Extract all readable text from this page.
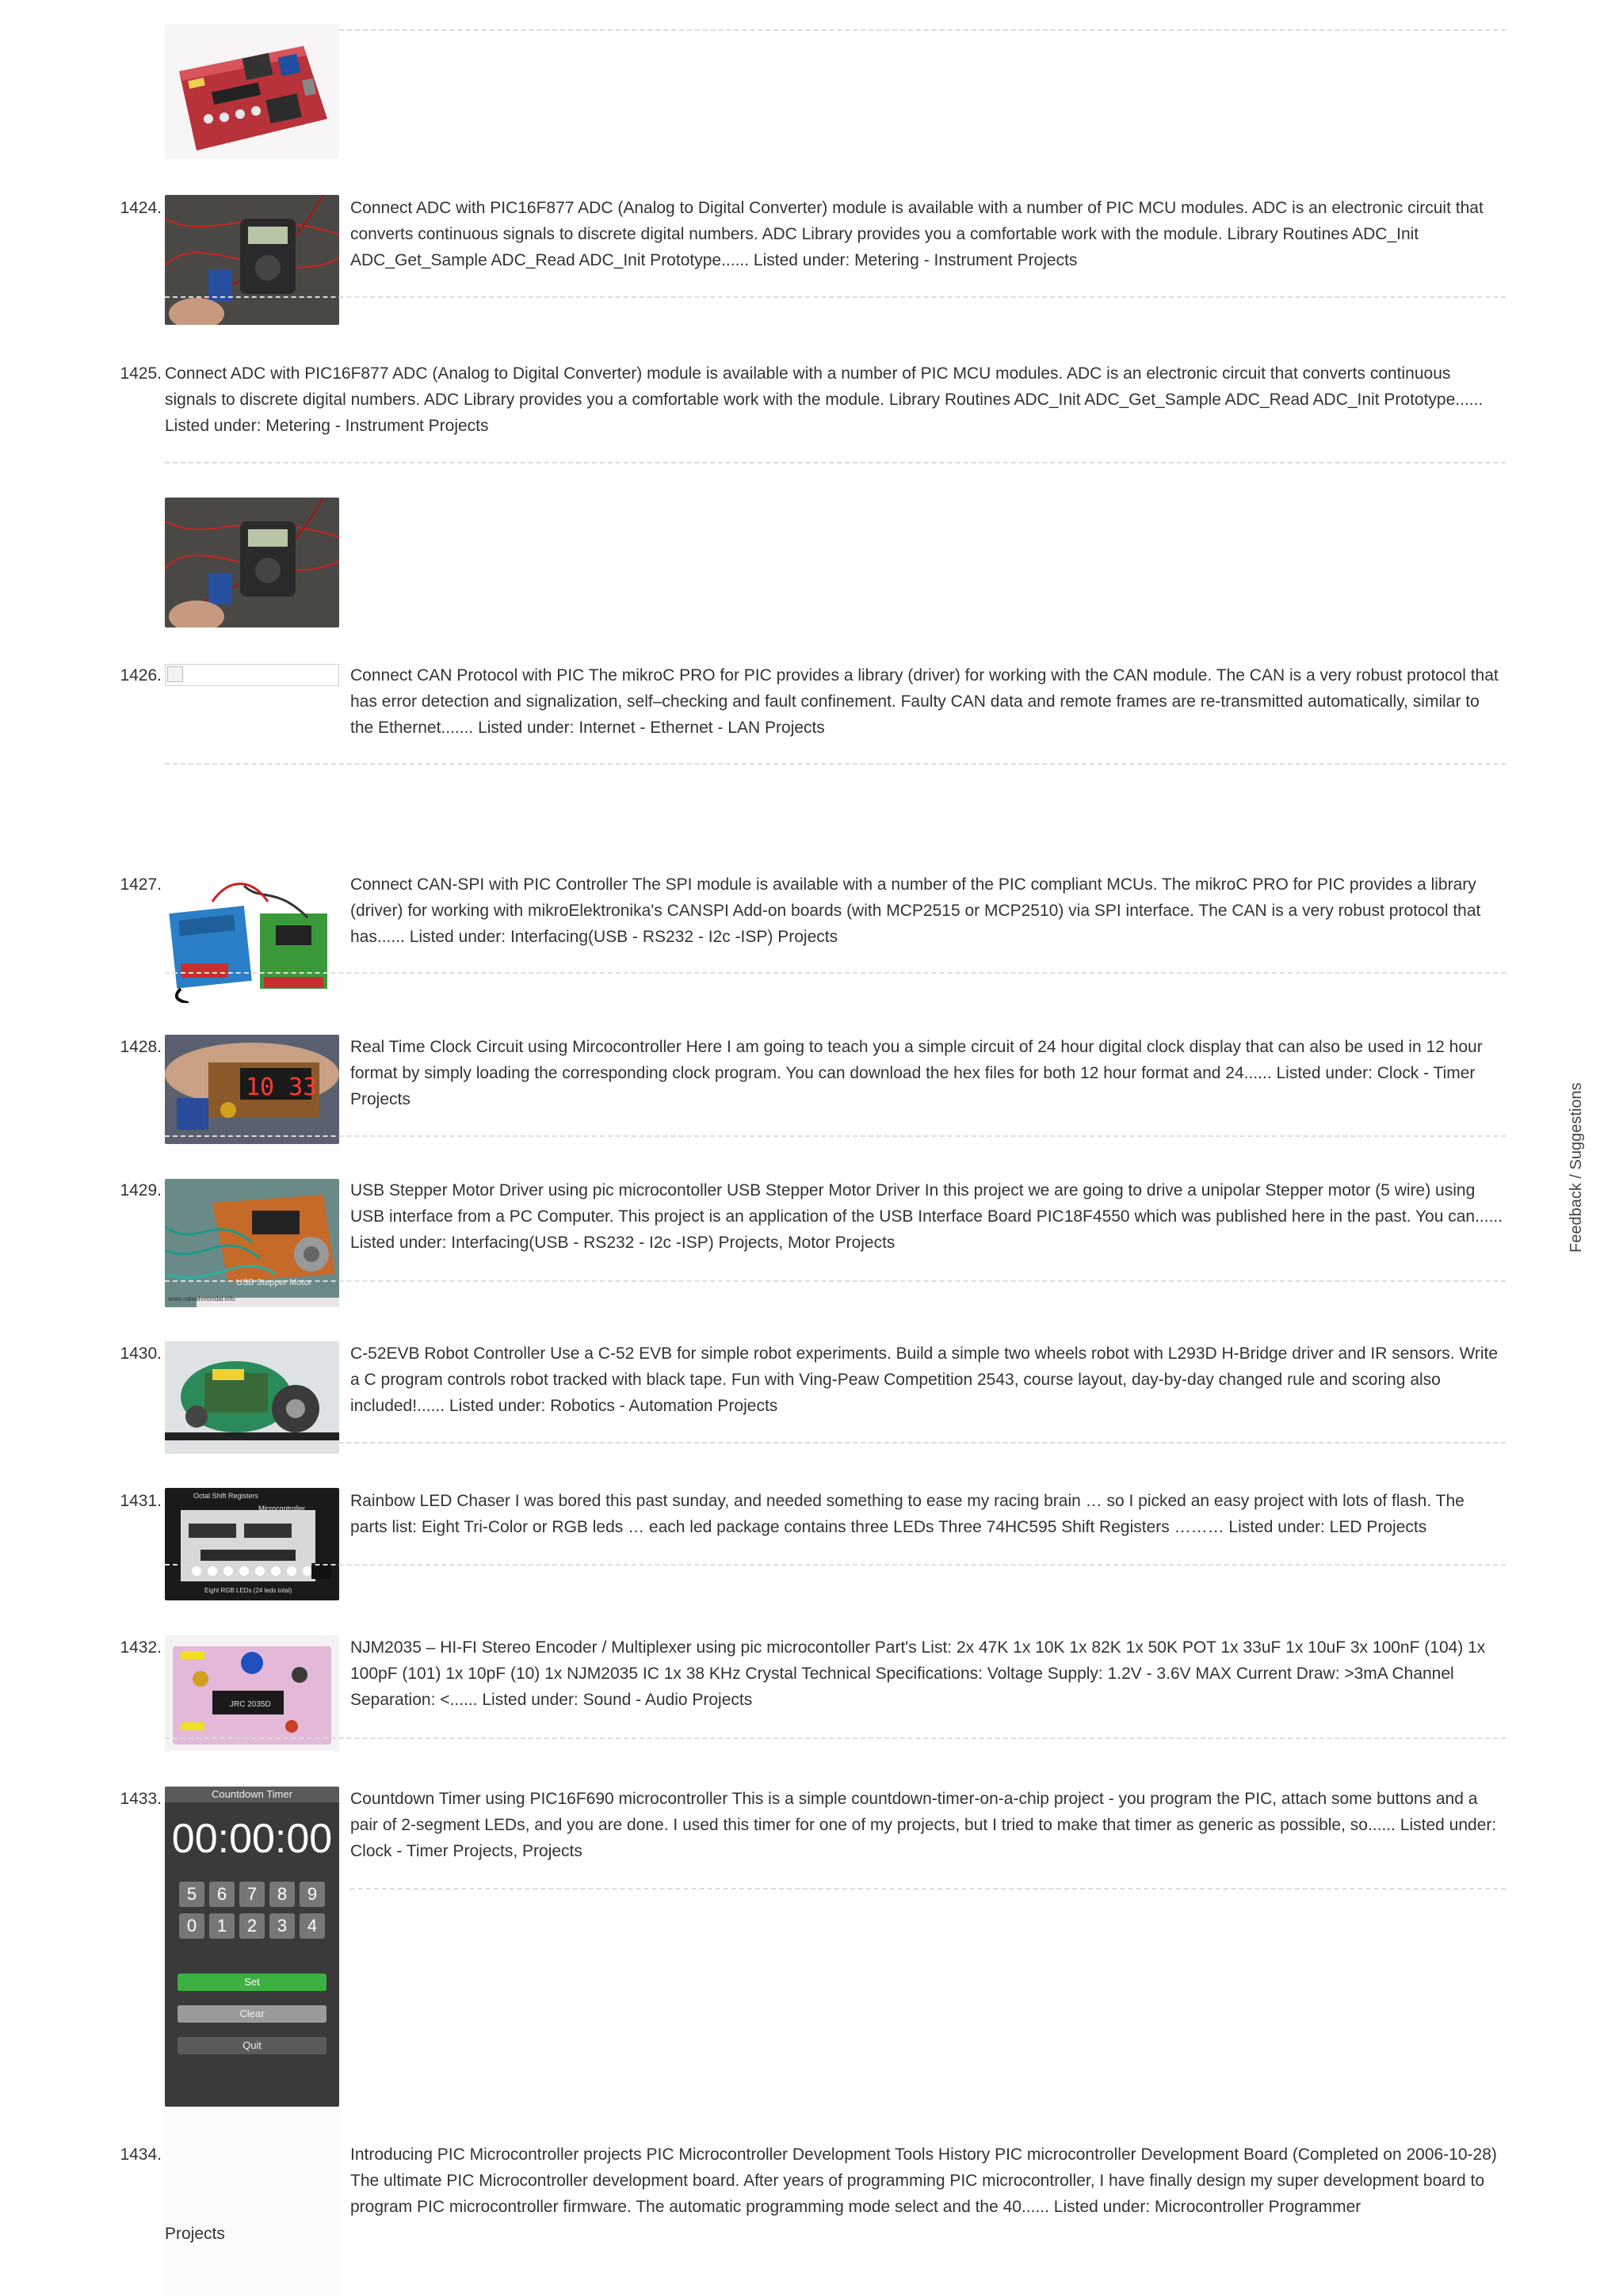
1424.	Connect ADC with PIC16F877 ADC (Analog to Digital Converter) module is available with a number of PIC MCU modules. ADC is an electronic circuit that converts continuous signals to discrete digital numbers. ADC Library provides you a comfortable work with the module. Library Routines ADC_Init ADC_Get_Sample ADC_Read ADC_Init Prototype...... Listed under: Metering - Instrument Projects
1425. Connect ADC with PIC16F877 ADC (Analog to Digital Converter) module is available with a number of PIC MCU modules. ADC is an electronic circuit that converts continuous signals to discrete digital numbers. ADC Library provides you a comfortable work with the module. Library Routines ADC_Init ADC_Get_Sample ADC_Read ADC_Init Prototype...... Listed under: Metering - Instrument Projects
1426.	Connect CAN Protocol with PIC The mikroC PRO for PIC provides a library (driver) for working with the CAN module. The CAN is a very robust protocol that has error detection and signalization, self–checking and fault confinement. Faulty CAN data and remote frames are re-transmitted automatically, similar to the Ethernet....... Listed under: Internet - Ethernet - LAN Projects
1427.	Connect CAN-SPI with PIC Controller The SPI module is available with a number of the PIC compliant MCUs. The mikroC PRO for PIC provides a library (driver) for working with mikroElektronika's CANSPI Add-on boards (with MCP2515 or MCP2510) via SPI interface. The CAN is a very robust protocol that has...... Listed under: Interfacing(USB - RS232 - I2c -ISP) Projects
1428.
10 33
Real Time Clock Circuit using Mircocontroller Here I am going to teach you a simple circuit of 24 hour digital clock display that can also be used in 12 hour format by simply loading the corresponding clock program. You can download the hex files for both 12 hour format and 24...... Listed under: Clock - Timer Projects
1429.
USB Stepper Motor
www.rakeshmondal.info
USB Stepper Motor Driver using pic microcontoller USB Stepper Motor Driver In this project we are going to drive a unipolar Stepper motor (5 wire) using USB interface from a PC Computer. This project is an application of the USB Interface Board PIC18F4550 which was published here in the past. You can...... Listed under: Interfacing(USB - RS232 - I2c -ISP) Projects, Motor Projects
1430.	C-52EVB Robot Controller Use a C-52 EVB for simple robot experiments. Build a simple two wheels robot with L293D H-Bridge driver and IR sensors. Write a C program controls robot tracked with black tape. Fun with Ving-Peaw Competition 2543, course layout, day-by-day changed rule and scoring also included!...... Listed under: Robotics - Automation Projects
1431.	Octal Shift Registers
Microcontroller
Eight RGB LEDs (24 leds total)
Rainbow LED Chaser I was bored this past sunday, and needed something to ease my racing brain … so I picked an easy project with lots of flash. The parts list: Eight Tri-Color or RGB leds … each led package contains three LEDs Three 74HC595 Shift Registers ……… Listed under: LED Projects
1432.
JRC 2035D
NJM2035 – HI-FI Stereo Encoder / Multiplexer using pic microcontoller Part's List: 2x 47K 1x 10K 1x 82K 1x 50K POT 1x 33uF 1x 10uF 3x 100nF (104) 1x 100pF (101) 1x 10pF (10) 1x NJM2035 IC 1x 38 KHz Crystal Technical Specifications: Voltage Supply: 1.2V - 3.6V MAX Current Draw: >3mA Channel Separation: <...... Listed under: Sound - Audio Projects
1433.	Countdown Timer
00:00:00
5	6	7	8	9
0	1	2	3	4
Set
Clear
Quit
Countdown Timer using PIC16F690 microcontroller This is a simple countdown-timer-on-a-chip project - you program the PIC, attach some buttons and a pair of 2-segment LEDs, and you are done. I used this timer for one of my projects, but I tried to make that timer as generic as possible, so...... Listed under: Clock - Timer Projects, Projects
1434.	Introducing PIC Microcontroller projects PIC Microcontroller Development Tools History PIC microcontroller Development Board (Completed on 2006-10-28) The ultimate PIC Microcontroller development board. After years of programming PIC microcontroller, I have finally design my super development board to program PIC microcontroller firmware. The automatic programming mode select and the 40...... Listed under: Microcontroller Programmer
Projects
Feedback / Suggestions
